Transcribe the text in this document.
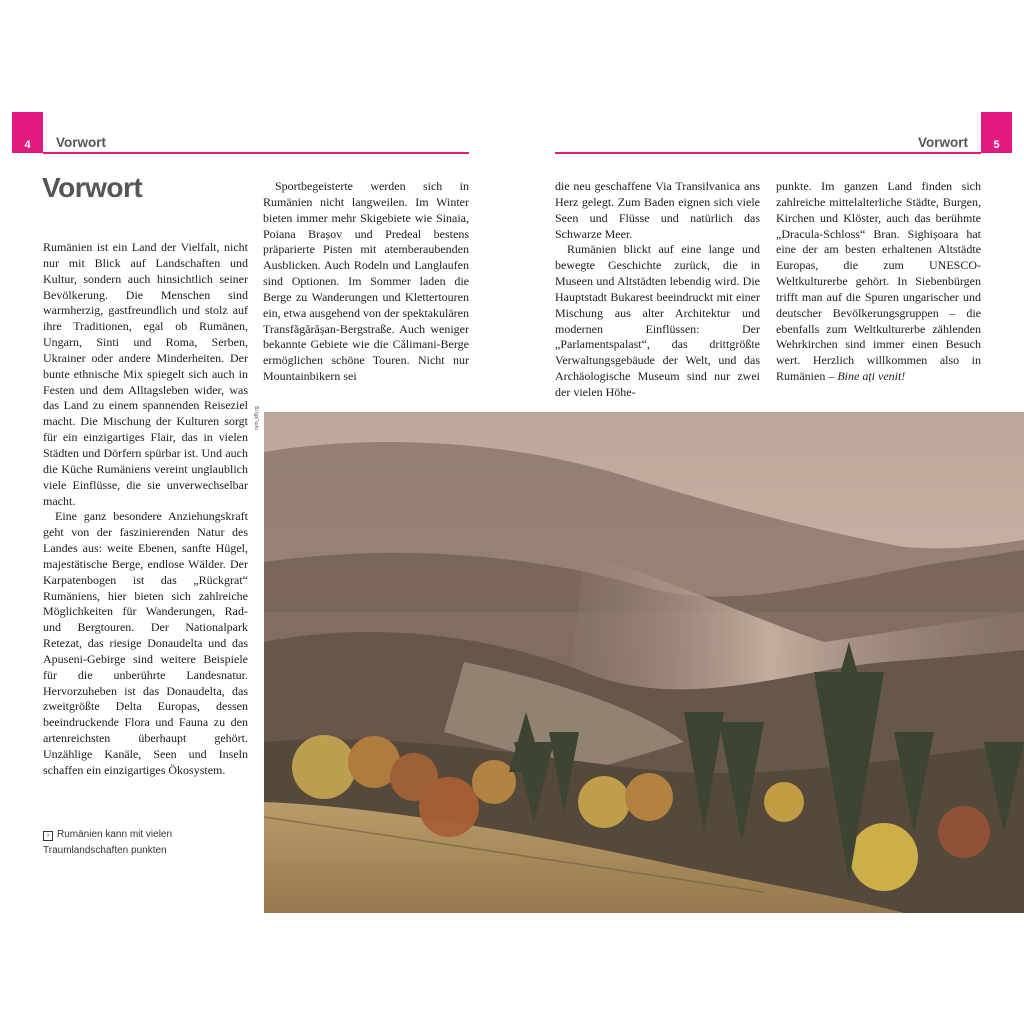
4 Vorwort	5
Vorwort
Vorwort

Rumänien ist ein Land der Vielfalt, nicht nur mit Blick auf Landschaften und Kultur, sondern auch hinsichtlich seiner Bevölkerung. Die Menschen sind warmherzig, gastfreundlich und stolz auf ihre Traditionen, egal ob Rumänen, Ungarn, Sinti und Roma, Serben, Ukrainer oder andere Minderheiten. Der bunte ethnische Mix spiegelt sich auch in Festen und dem Alltagsleben wider, was das Land zu einem spannenden Reiseziel macht. Die Mischung der Kulturen sorgt für ein einzigartiges Flair, das in vielen Städten und Dörfern spürbar ist. Und auch die Küche Rumäniens vereint unglaublich viele Einflüsse, die sie unverwechselbar macht.

Eine ganz besondere Anziehungskraft geht von der faszinierenden Natur des Landes aus: weite Ebenen, sanfte Hügel, majestätische Berge, endlose Wälder. Der Karpatenbogen ist das „Rückgrat“ Rumäniens, hier bieten sich zahlreiche Möglichkeiten für Wanderungen, Rad- und Bergtouren. Der Nationalpark Retezat, das riesige Donaudelta und das Apuseni-Gebirge sind weitere Beispiele für die unberührte Landesnatur. Hervorzuheben ist das Donaudelta, das zweitgrößte Delta Europas, dessen beeindruckende Flora und Fauna zu den artenreichsten überhaupt gehört. Unzählige Kanäle, Seen und Inseln schaffen ein einzigartiges Ökosystem.

Sportbegeisterte werden sich in Rumänien nicht langweilen. Im Winter bieten immer mehr Skigebiete wie Sinaia, Poiana Brașov und Predeal bestens präparierte Pisten mit atemberaubenden Ausblicken. Auch Rodeln und Langlaufen sind Optionen. Im Sommer laden die Berge zu Wanderungen und Klettertouren ein, etwa ausgehend von der spektakulären Transfăgărășan-Bergstraße. Auch weniger bekannte Gebiete wie die Călimani-Berge ermöglichen schöne Touren. Nicht nur Mountainbikern sei

die neu geschaffene Via Transilvanica ans Herz gelegt. Zum Baden eignen sich viele Seen und Flüsse und natürlich das Schwarze Meer.

Rumänien blickt auf eine lange und bewegte Geschichte zurück, die in Museen und Altstädten lebendig wird. Die Hauptstadt Bukarest beeindruckt mit einer Mischung aus alter Architektur und modernen Einflüssen: Der „Parlamentspalast“, das drittgrößte Verwaltungsgebäude der Welt, und das Archäologische Museum sind nur zwei der vielen Höhe-

punkte. Im ganzen Land finden sich zahlreiche mittelalterliche Städte, Burgen, Kirchen und Klöster, auch das berühmte „Dracula-Schloss“ Bran. Sighișoara hat eine der am besten erhaltenen Altstädte Europas, die zum UNESCO-Weltkulturerbe gehört. In Siebenbürgen trifft man auf die Spuren ungarischer und deutscher Bevölkerungsgruppen – die ebenfalls zum Weltkulturerbe zählenden Wehrkirchen sind immer einen Besuch wert. Herzlich willkommen also in Rumänien – Bine ați venit!

› Rumänien kann mit vielen Traumlandschaften punkten
rum_k8j rg
